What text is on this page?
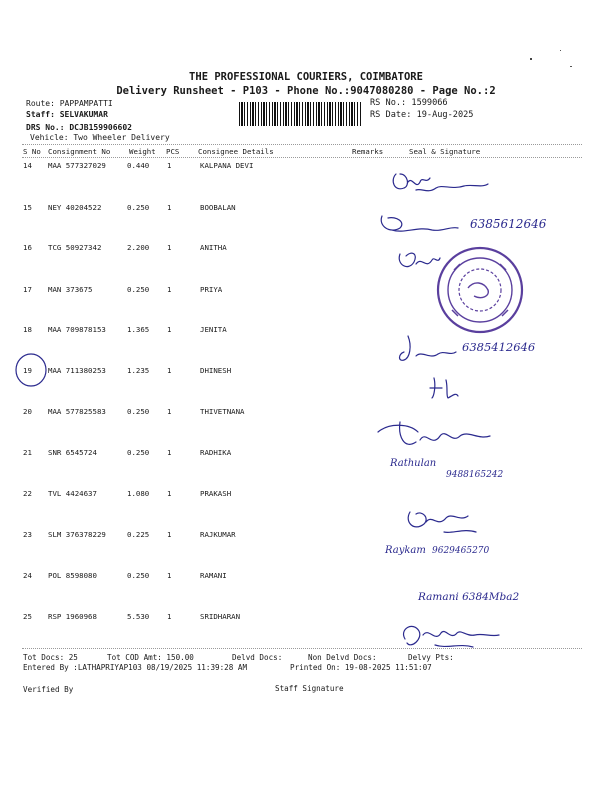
THE PROFESSIONAL COURIERS, COIMBATORE
Delivery Runsheet - P103 - Phone No.:9047080280 - Page No.:2
Route: PAPPAMPATTI
Staff: SELVAKUMAR
DRS No.: DCJB159906602
Vehicle: Two Wheeler Delivery
RS No.: 1599066
RS Date: 19-Aug-2025
S No Consignment No	Weight PCS	Consignee Details	Remarks	Seal & Signature
14 MAA 577327029	0.440 1	KALPANA DEVI
15 NEY 40204522	0.250 1	BOOBALAN
16 TCG 50927342	2.200 1	ANITHA
17 MAN 373675	0.250 1	PRIYA
18 MAA 709878153	1.365 1	JENITA
19 MAA 711380253	1.235 1	DHINESH
20 MAA 577825583	0.250 1	THIVETNANA
21 SNR 6545724	0.250 1	RADHIKA
22 TVL 4424637	1.080 1	PRAKASH
23 SLM 376378229	0.225 1	RAJKUMAR
24 POL 8598080	0.250 1	RAMANI
25 RSP 1960968	5.530 1	SRIDHARAN
6385612646
6385412646
Rathulan
9488165242
Raykam 9629465270
Ramani 6384Mba2
Tot Docs: 25	Tot COD Amt: 150.00	Delvd Docs:	Non Delvd Docs:	Delvy Pts:
Entered By :LATHAPRIYAP103 08/19/2025 11:39:28 AM	Printed On: 19-08-2025 11:51:07
Verified By	Staff Signature
